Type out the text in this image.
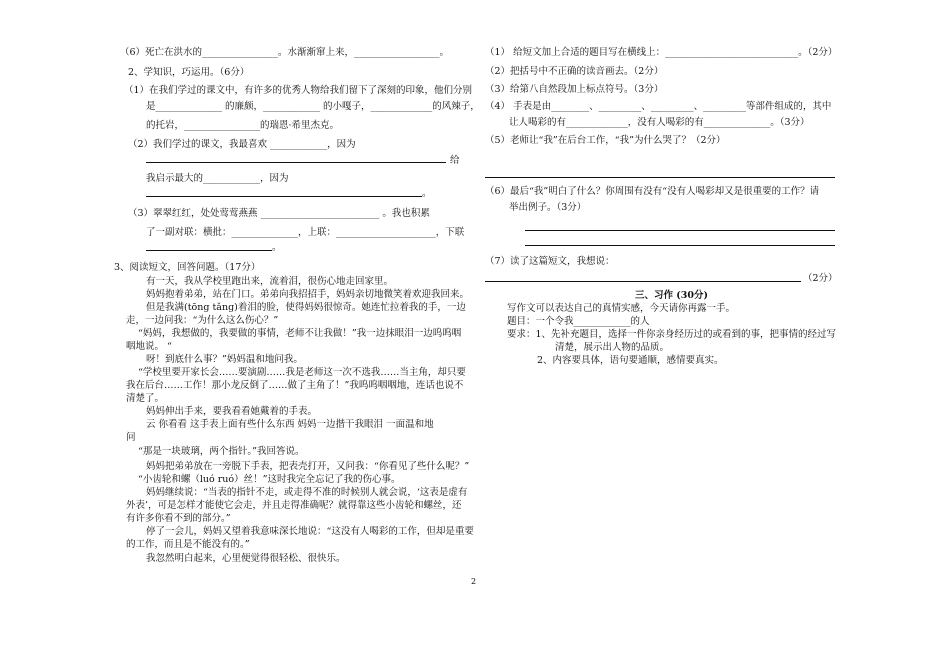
（6）死亡在洪水的________________。水渐渐窜上来，__________________。
2、学知识，巧运用。（6分）
（1）在我们学过的课文中，有许多的优秀人物给我们留下了深刻的印象，他们分别
是______________ 的廉颇，____________ 的小嘎子，_____________的风辣子，
的托岩，________________的瑞恩·希里杰克。
（2）我们学过的课文，我最喜欢 ____________，因为
给
我启示最大的____________，因为
。
（3）翠翠红红，处处莺莺燕燕 _________________________ 。我也积累
了一副对联：横批：______________，上联：_____________________，下联
。
3、阅读短文，回答问题。（17分）
有一天，我从学校里跑出来，流着泪，很伤心地走回家里。
妈妈抱着弟弟，站在门口。弟弟向我招招手，妈妈亲切地微笑着欢迎我回来。
但是我满(tōng tǎng)着泪的脸，使得妈妈很惊奇。她连忙拉着我的手，一边
走，一边问我：“为什么这么伤心？”
“妈妈，我想做的，我要做的事情，老师不让我做！”我一边抹眼泪一边呜呜咽
咽地说。 “
呀！到底什么事？”妈妈温和地问我。
“学校里要开家长会……要演剧……我是老师这一次不选我……当主角，却只要
我在后台……工作！那小龙反倒了……做了主角了！”我呜呜咽咽地，连话也说不
清楚了。
妈妈伸出手来，要我看看她戴着的手表。
云 你看看 这手表上面有些什么东西 妈妈一边揩干我眼泪 一面温和地
问
“那是一块玻璃，两个指针。”我回答说。
妈妈把弟弟放在一旁脱下手表，把表壳打开，又问我：“你看见了些什么呢？”
“小齿轮和螺（luó ruó）丝！”这时我完全忘记了我的伤心事。
妈妈继续说：“当表的指针不走，或走得不准的时候别人就会说，‘这表是虚有
外表’，可是怎样才能使它会走，并且走得准确呢？就得靠这些小齿轮和螺丝，还
有许多你看不到的部分。”
停了一会儿，妈妈又望着我意味深长地说：“这没有人喝彩的工作，但却是重要
的工作，而且是不能没有的。”
我忽然明白起来，心里便觉得很轻松、很快乐。
（1） 给短文加上合适的题目写在横线上：____________________________。（2分）
（2）把括号中不正确的读音画去。（2分）
（3）给第八自然段加上标点符号。（3分）
（4） 手表是由________、_________、_________、_________等部件组成的，其中
让人喝彩的有_____________，没有人喝彩的有______________。（3分）
（5）老师让“我”在后台工作，“我”为什么哭了？（2分）
（6）最后“我”明白了什么？你周围有没有“没有人喝彩却又是很重要的工作？请
举出例子。（3分）
（7）读了这篇短文，我想说：
（2分）
三、习作 (30分)
写作文可以表达自己的真情实感，今天请你再露一手。
题目：一个令我____________的人
要求：1、先补充题目，选择一件你亲身经历过的或看到的事，把事情的经过写
清楚，展示出人物的品质。
2、内容要具体，语句要通顺，感情要真实。
2
